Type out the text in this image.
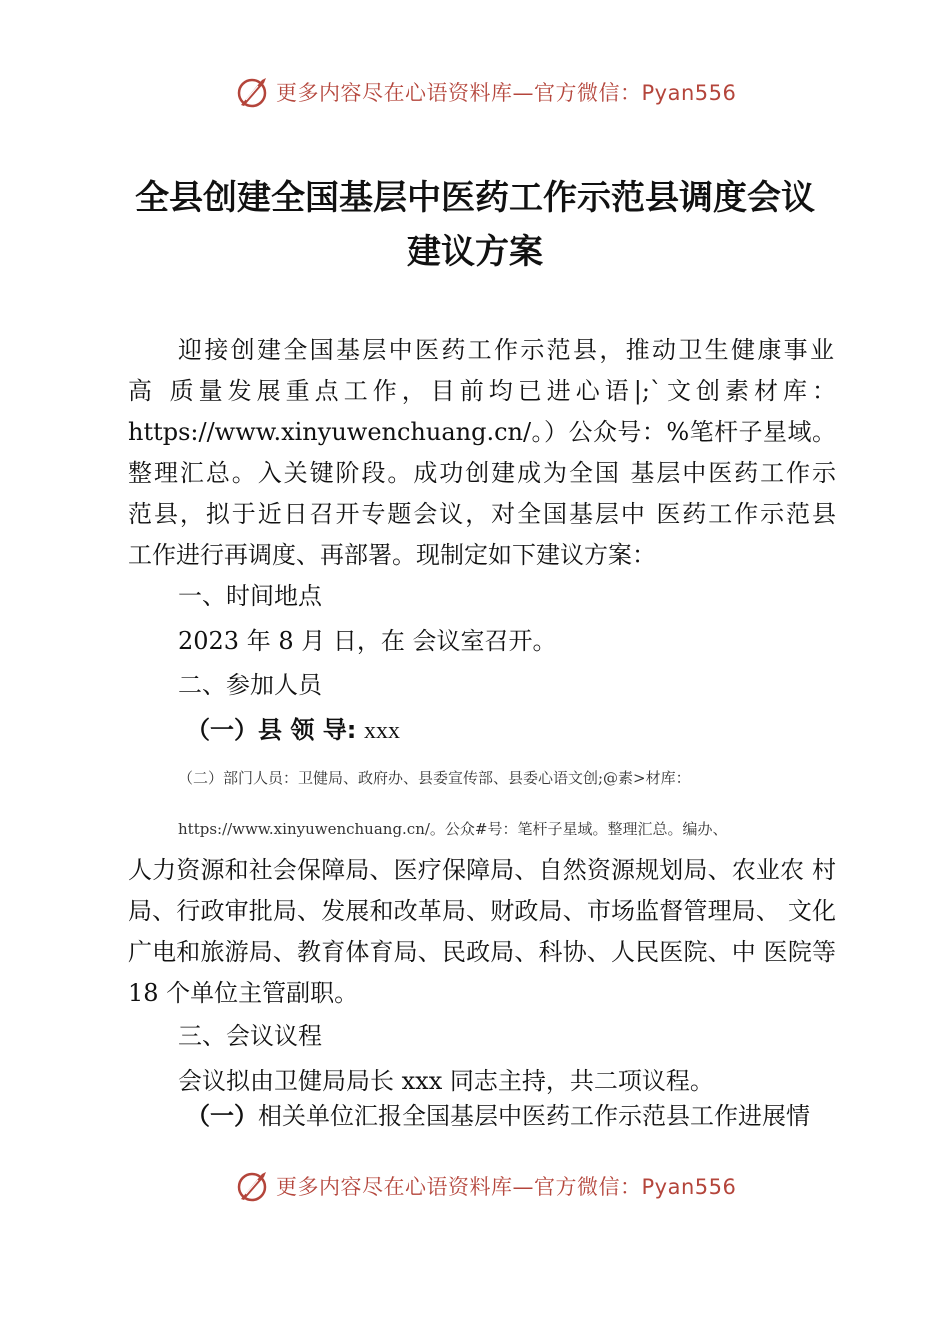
更多内容尽在心语资料库—官方微信：Pyan556
全县创建全国基层中医药工作示范县调度会议
建议方案
迎接创建全国基层中医药工作示范县，推动卫生健康事业
高 质量发展重点工作，目前均已进心语|;`文创素材库：
https://www.xinyuwenchuang.cn/。）公众号：%笔杆子星域。
整理汇总。入关键阶段。成功创建成为全国 基层中医药工作示
范县，拟于近日召开专题会议，对全国基层中 医药工作示范县
工作进行再调度、再部署。现制定如下建议方案：
一、时间地点
2023 年 8 月 日，在 会议室召开。
二、参加人员
（一）县 领 导: xxx
（二）部门人员：卫健局、政府办、县委宣传部、县委心语文创;@素>材库：
https://www.xinyuwenchuang.cn/。公众#号：笔杆子星域。整理汇总。编办、
人力资源和社会保障局、医疗保障局、自然资源规划局、农业农 村
局、行政审批局、发展和改革局、财政局、市场监督管理局、 文化
广电和旅游局、教育体育局、民政局、科协、人民医院、中 医院等
18 个单位主管副职。
三、会议议程
会议拟由卫健局局长 xxx 同志主持，共二项议程。
（一）相关单位汇报全国基层中医药工作示范县工作进展情
更多内容尽在心语资料库—官方微信：Pyan556
